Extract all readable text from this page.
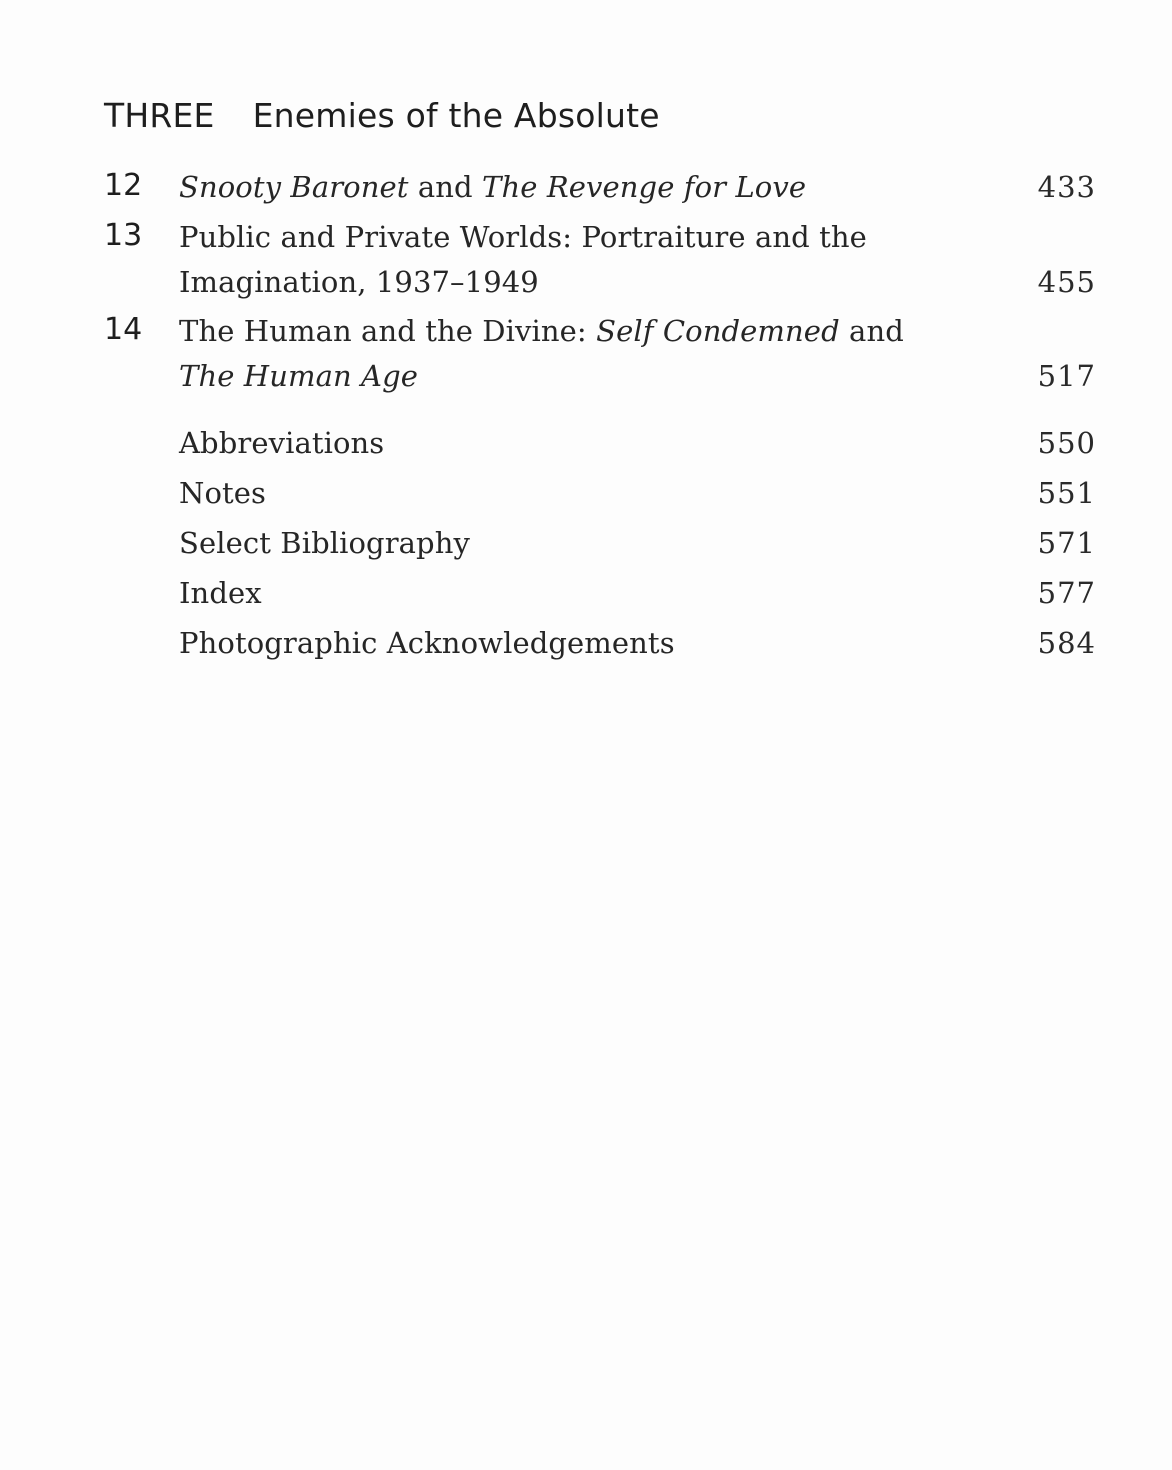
THREE Enemies of the Absolute
12 Snooty Baronet and The Revenge for Love	433
13 Public and Private Worlds: Portraiture and the
Imagination, 1937–1949	455
14 The Human and the Divine: Self Condemned and
The Human Age	517
Abbreviations	550
Notes	551
Select Bibliography	571
Index	577
Photographic Acknowledgements	584
